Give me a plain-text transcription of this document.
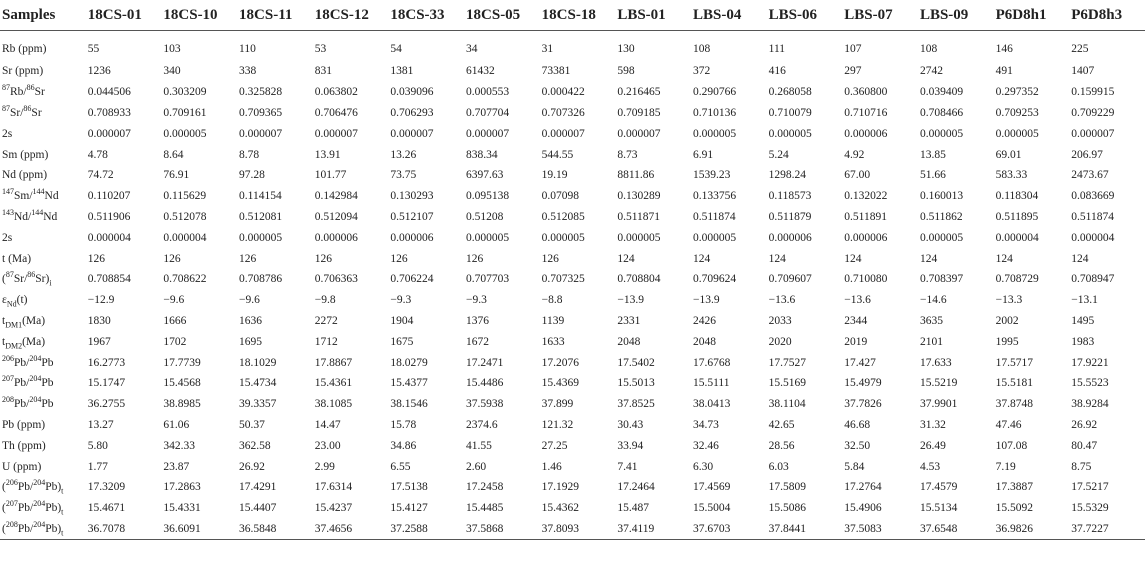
Samples	18CS-01	18CS-10	18CS-11	18CS-12	18CS-33	18CS-05	18CS-18	LBS-01	LBS-04	LBS-06	LBS-07	LBS-09	P6D8h1	P6D8h3
Rb (ppm)	55	103	110	53	54	34	31	130	108	111	107	108	146	225
Sr (ppm)	1236	340	338	831	1381	61432	73381	598	372	416	297	2742	491	1407
$^{87}$Rb/$^{86}$Sr	0.044506	0.303209	0.325828	0.063802	0.039096	0.000553	0.000422	0.216465	0.290766	0.268058	0.360800	0.039409	0.297352	0.159915
$^{87}$Sr/$^{86}$Sr	0.708933	0.709161	0.709365	0.706476	0.706293	0.707704	0.707326	0.709185	0.710136	0.710079	0.710716	0.708466	0.709253	0.709229
2s	0.000007	0.000005	0.000007	0.000007	0.000007	0.000007	0.000007	0.000007	0.000005	0.000005	0.000006	0.000005	0.000005	0.000007
Sm (ppm)	4.78	8.64	8.78	13.91	13.26	838.34	544.55	8.73	6.91	5.24	4.92	13.85	69.01	206.97
Nd (ppm)	74.72	76.91	97.28	101.77	73.75	6397.63	19.19	8811.86	1539.23	1298.24	67.00	51.66	583.33	2473.67
$^{147}$Sm/$^{144}$Nd	0.110207	0.115629	0.114154	0.142984	0.130293	0.095138	0.07098	0.130289	0.133756	0.118573	0.132022	0.160013	0.118304	0.083669
$^{143}$Nd/$^{144}$Nd	0.511906	0.512078	0.512081	0.512094	0.512107	0.51208	0.512085	0.511871	0.511874	0.511879	0.511891	0.511862	0.511895	0.511874
2s	0.000004	0.000004	0.000005	0.000006	0.000006	0.000005	0.000005	0.000005	0.000005	0.000006	0.000006	0.000005	0.000004	0.000004
t (Ma)	126	126	126	126	126	126	126	124	124	124	124	124	124	124
$(^{87}Sr/^{86}Sr)_i$	0.708854	0.708622	0.708786	0.706363	0.706224	0.707703	0.707325	0.708804	0.709624	0.709607	0.710080	0.708397	0.708729	0.708947
$\varepsilon_{Nd}(t)$	−12.9	−9.6	−9.6	−9.8	−9.3	−9.3	−8.8	−13.9	−13.9	−13.6	−13.6	−14.6	−13.3	−13.1
$t_{DM1}(Ma)$	1830	1666	1636	2272	1904	1376	1139	2331	2426	2033	2344	3635	2002	1495
$t_{DM2}(Ma)$	1967	1702	1695	1712	1675	1672	1633	2048	2048	2020	2019	2101	1995	1983
$^{206}$Pb/$^{204}$Pb	16.2773	17.7739	18.1029	17.8867	18.0279	17.2471	17.2076	17.5402	17.6768	17.7527	17.427	17.633	17.5717	17.9221
$^{207}$Pb/$^{204}$Pb	15.1747	15.4568	15.4734	15.4361	15.4377	15.4486	15.4369	15.5013	15.5111	15.5169	15.4979	15.5219	15.5181	15.5523
$^{208}$Pb/$^{204}$Pb	36.2755	38.8985	39.3357	38.1085	38.1546	37.5938	37.899	37.8525	38.0413	38.1104	37.7826	37.9901	37.8748	38.9284
Pb (ppm)	13.27	61.06	50.37	14.47	15.78	2374.6	121.32	30.43	34.73	42.65	46.68	31.32	47.46	26.92
Th (ppm)	5.80	342.33	362.58	23.00	34.86	41.55	27.25	33.94	32.46	28.56	32.50	26.49	107.08	80.47
U (ppm)	1.77	23.87	26.92	2.99	6.55	2.60	1.46	7.41	6.30	6.03	5.84	4.53	7.19	8.75
$(^{206}Pb/^{204}Pb)_t$	17.3209	17.2863	17.4291	17.6314	17.5138	17.2458	17.1929	17.2464	17.4569	17.5809	17.2764	17.4579	17.3887	17.5217
$(^{207}Pb/^{204}Pb)_t$	15.4671	15.4331	15.4407	15.4237	15.4127	15.4485	15.4362	15.487	15.5004	15.5086	15.4906	15.5134	15.5092	15.5329
$(^{208}Pb/^{204}Pb)_t$	36.7078	36.6091	36.5848	37.4656	37.2588	37.5868	37.8093	37.4119	37.6703	37.8441	37.5083	37.6548	36.9826	37.7227
